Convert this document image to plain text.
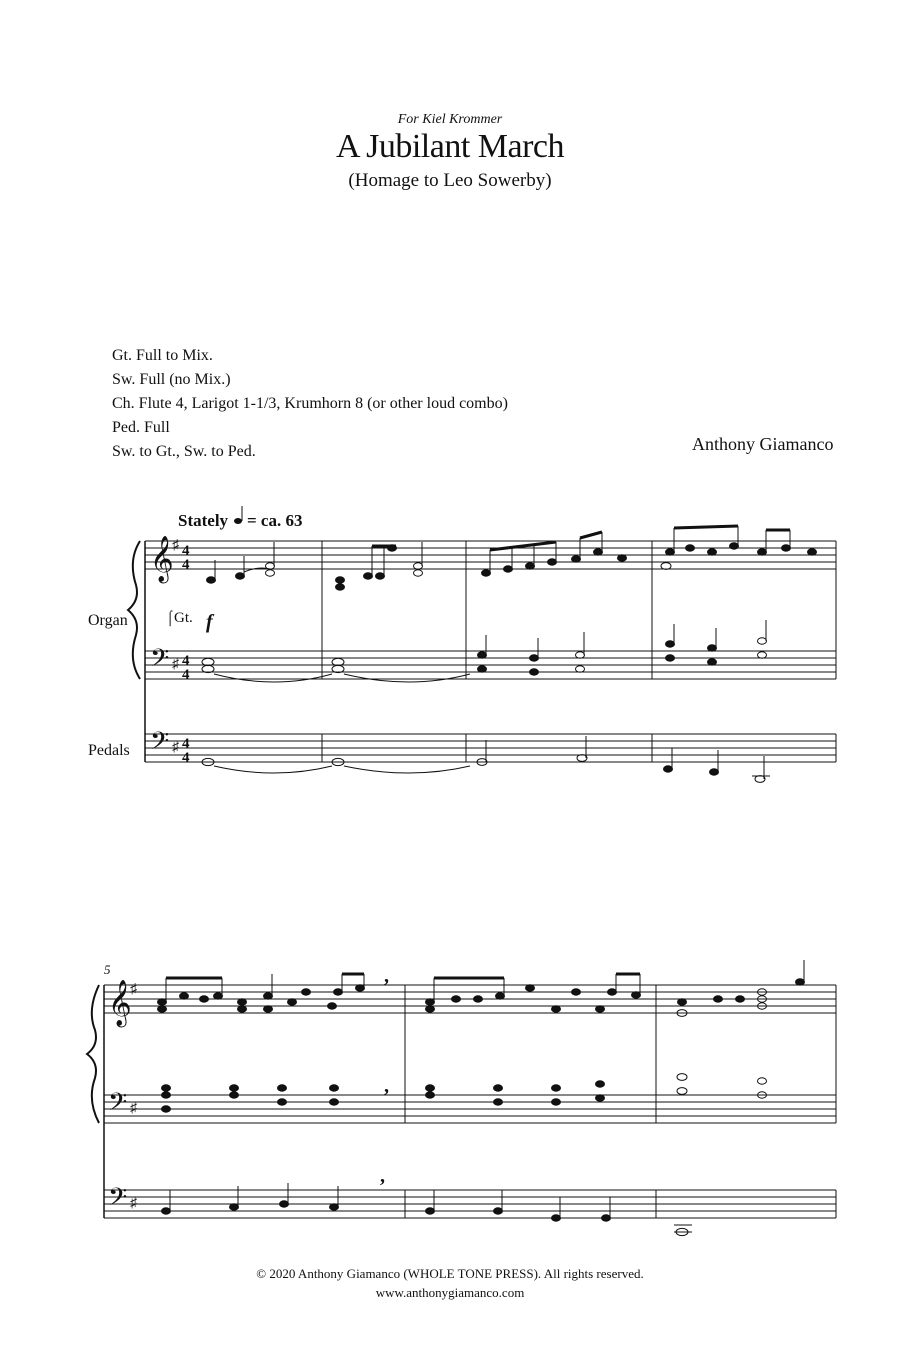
For Kiel Krommer
A Jubilant March
(Homage to Leo Sowerby)
Gt. Full to Mix.
Sw. Full (no Mix.)
Ch. Flute 4, Larigot 1-1/3, Krumhorn 8 (or other loud combo)
Ped. Full
Sw. to Gt., Sw. to Ped.	Anthony Giamanco
Stately = ca. 63
𝄞
𝄢
𝄢
♯
♯
♯
4
4
4
4
4
4
Organ
Pedals
⌠ Gt. f
5
𝄞
𝄢
𝄢
♯
♯
♯
,
,
,
© 2020 Anthony Giamanco (WHOLE TONE PRESS). All rights reserved.
www.anthonygiamanco.com
